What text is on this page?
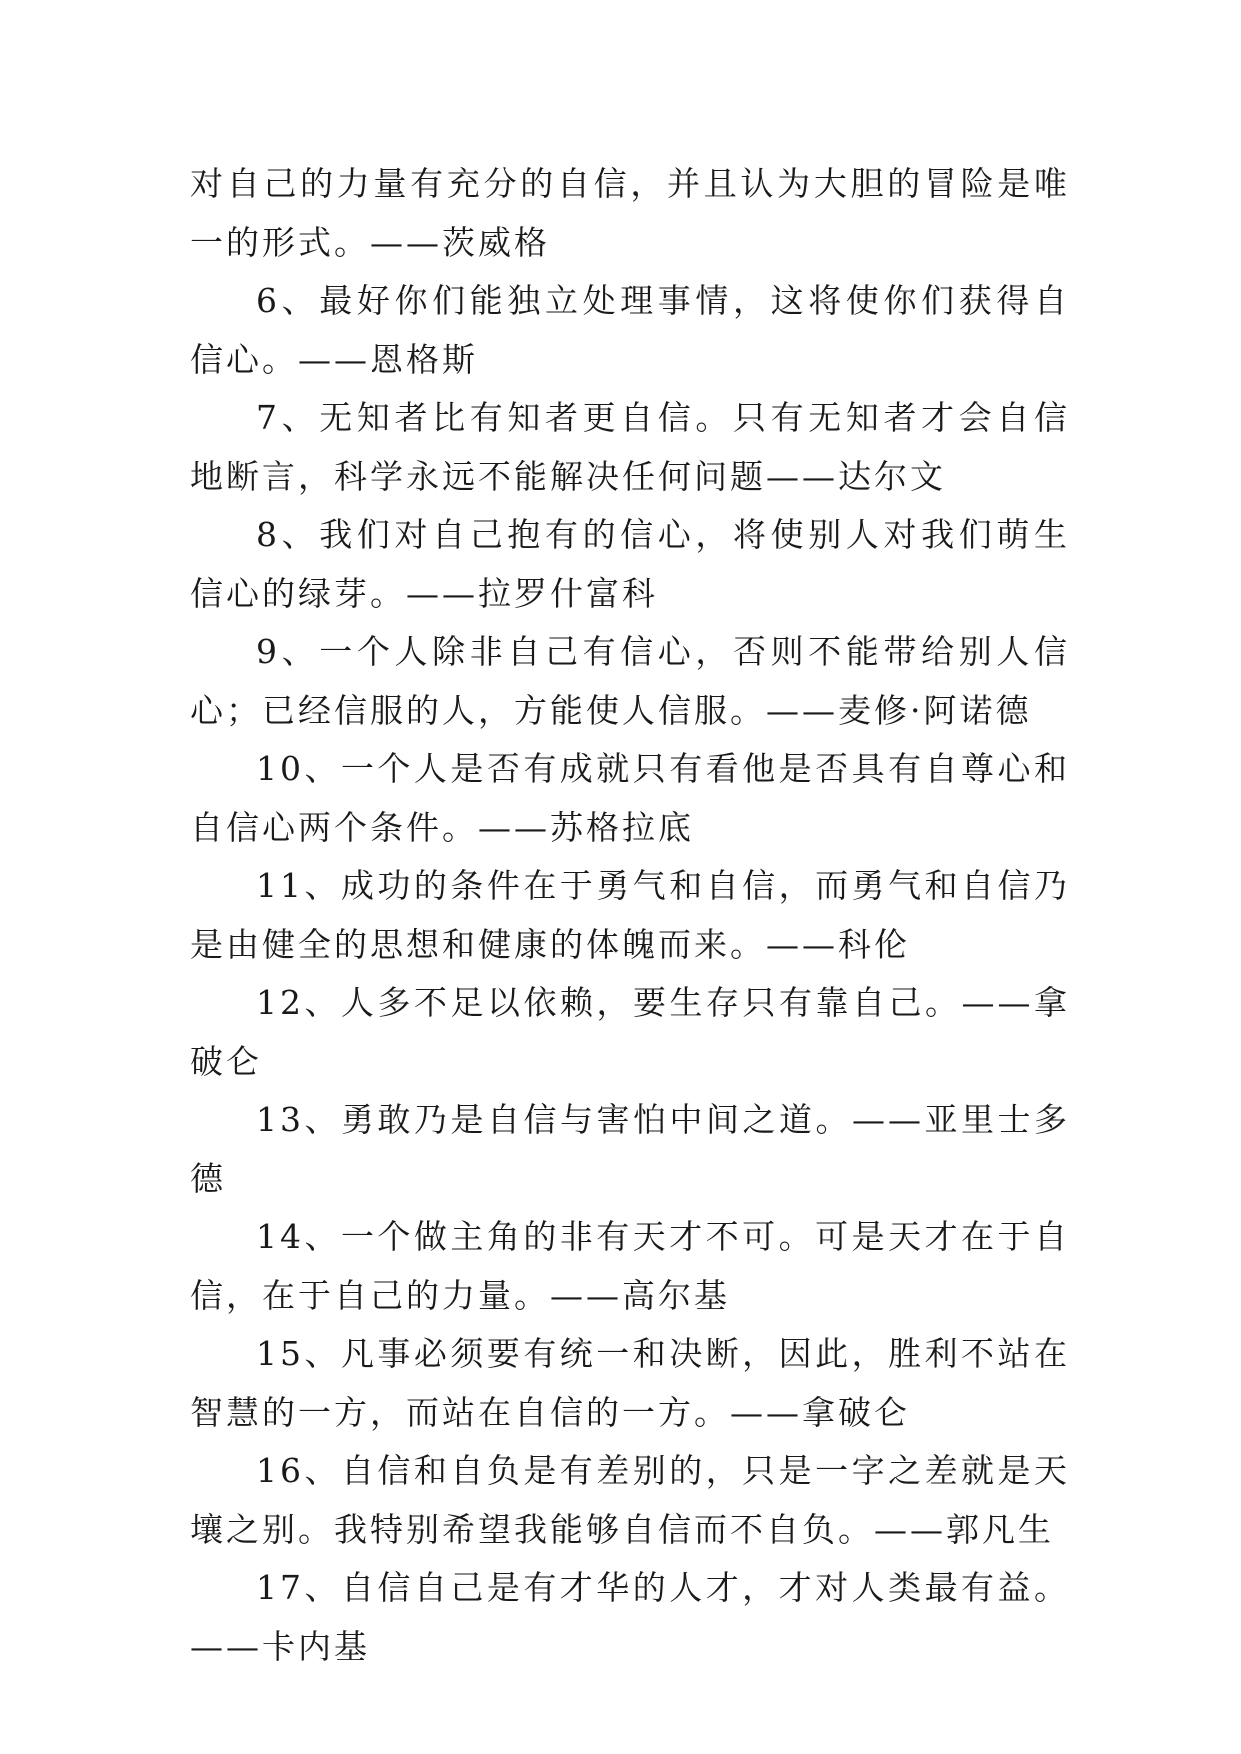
对自己的力量有充分的自信，并且认为大胆的冒险是唯一的形式。——茨威格

6、最好你们能独立处理事情，这将使你们获得自信心。——恩格斯

7、无知者比有知者更自信。只有无知者才会自信地断言，科学永远不能解决任何问题——达尔文

8、我们对自己抱有的信心，将使别人对我们萌生信心的绿芽。——拉罗什富科

9、一个人除非自己有信心，否则不能带给别人信心；已经信服的人，方能使人信服。——麦修·阿诺德

10、一个人是否有成就只有看他是否具有自尊心和自信心两个条件。——苏格拉底

11、成功的条件在于勇气和自信，而勇气和自信乃是由健全的思想和健康的体魄而来。——科伦

12、人多不足以依赖，要生存只有靠自己。——拿破仑

13、勇敢乃是自信与害怕中间之道。——亚里士多德

14、一个做主角的非有天才不可。可是天才在于自信，在于自己的力量。——高尔基

15、凡事必须要有统一和决断，因此，胜利不站在智慧的一方，而站在自信的一方。——拿破仑

16、自信和自负是有差别的，只是一字之差就是天壤之别。我特别希望我能够自信而不自负。——郭凡生

17、自信自己是有才华的人才，才对人类最有益。——卡内基
